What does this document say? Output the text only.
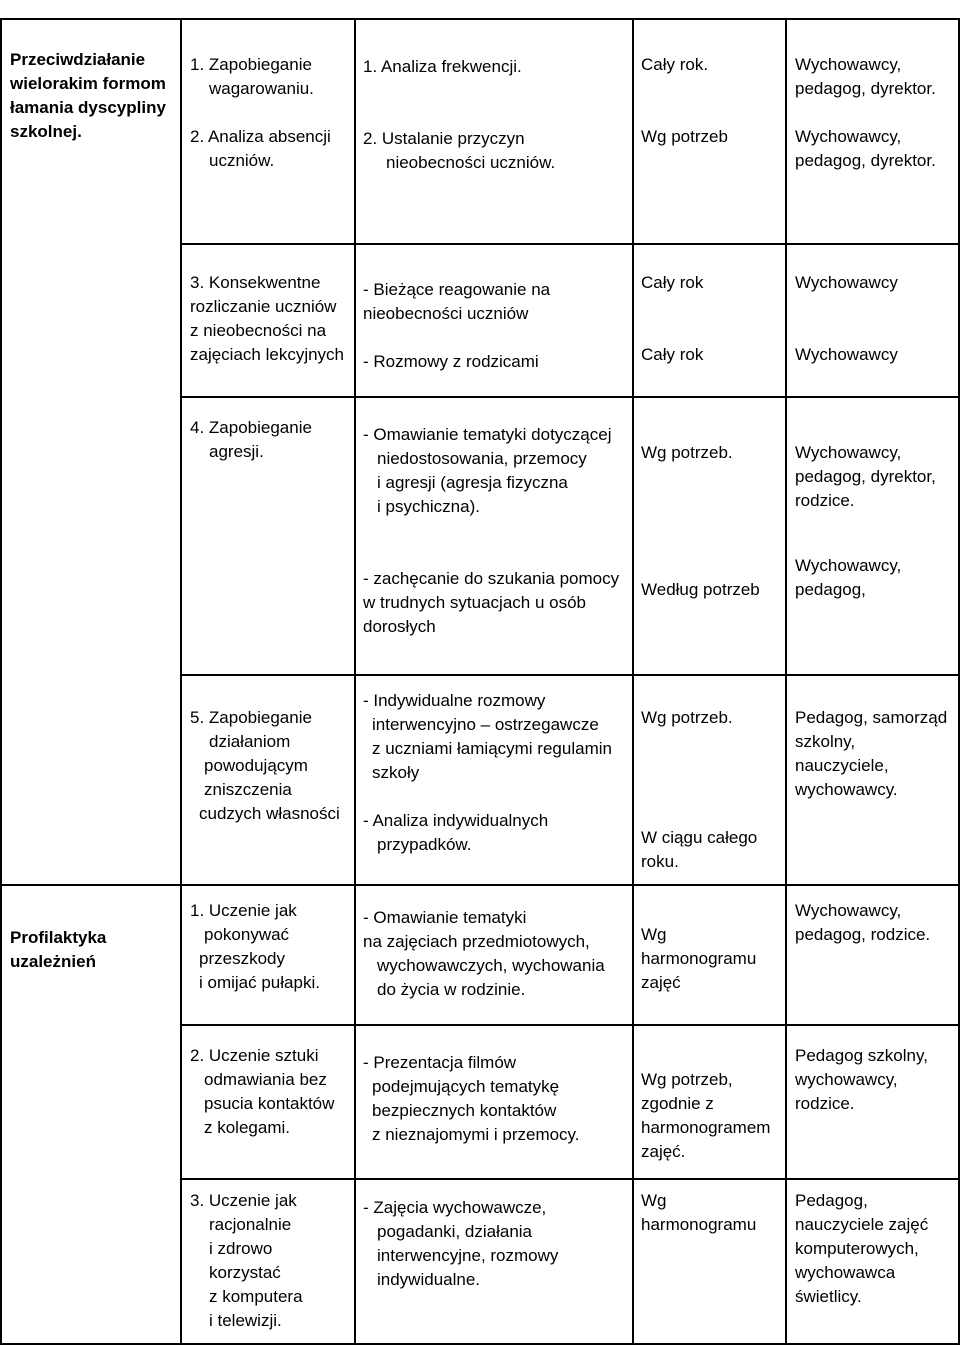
Przeciwdziałanie
wielorakim formom
łamania dyscypliny
szkolnej.
1. Zapobieganie
wagarowaniu.
2. Analiza absencji
uczniów.
1. Analiza frekwencji.
2. Ustalanie przyczyn
nieobecności uczniów.
Cały rok.
Wg potrzeb
Wychowawcy,
pedagog, dyrektor.
Wychowawcy,
pedagog, dyrektor.
3. Konsekwentne
rozliczanie uczniów
z nieobecności na
zajęciach lekcyjnych
- Bieżące reagowanie na
nieobecności uczniów
- Rozmowy z rodzicami
Cały rok
Cały rok
Wychowawcy
Wychowawcy
4. Zapobieganie
agresji.
- Omawianie tematyki dotyczącej
niedostosowania, przemocy
i agresji (agresja fizyczna
i psychiczna).
- zachęcanie do szukania pomocy
w trudnych sytuacjach u osób
dorosłych
Wg potrzeb.
Według potrzeb
Wychowawcy,
pedagog, dyrektor,
rodzice.
Wychowawcy,
pedagog,
5. Zapobieganie
działaniom
powodującym
zniszczenia
cudzych własności
- Indywidualne rozmowy
interwencyjno – ostrzegawcze
z uczniami łamiącymi regulamin
szkoły
- Analiza indywidualnych
przypadków.
Wg potrzeb.
W ciągu całego
roku.
Pedagog, samorząd
szkolny,
nauczyciele,
wychowawcy.
Profilaktyka
uzależnień
1. Uczenie jak
pokonywać
przeszkody
i omijać pułapki.
- Omawianie tematyki
na zajęciach przedmiotowych,
wychowawczych, wychowania
do życia w rodzinie.
Wg
harmonogramu
zajęć
Wychowawcy,
pedagog, rodzice.
2. Uczenie sztuki
odmawiania bez
psucia kontaktów
z kolegami.
- Prezentacja filmów
podejmujących tematykę
bezpiecznych kontaktów
z nieznajomymi i przemocy.
Wg potrzeb,
zgodnie z
harmonogramem
zajęć.
Pedagog szkolny,
wychowawcy,
rodzice.
3. Uczenie jak
racjonalnie
i zdrowo
korzystać
z komputera
i telewizji.
- Zajęcia wychowawcze,
pogadanki, działania
interwencyjne, rozmowy
indywidualne.
Wg
harmonogramu
Pedagog,
nauczyciele zajęć
komputerowych,
wychowawca
świetlicy.
